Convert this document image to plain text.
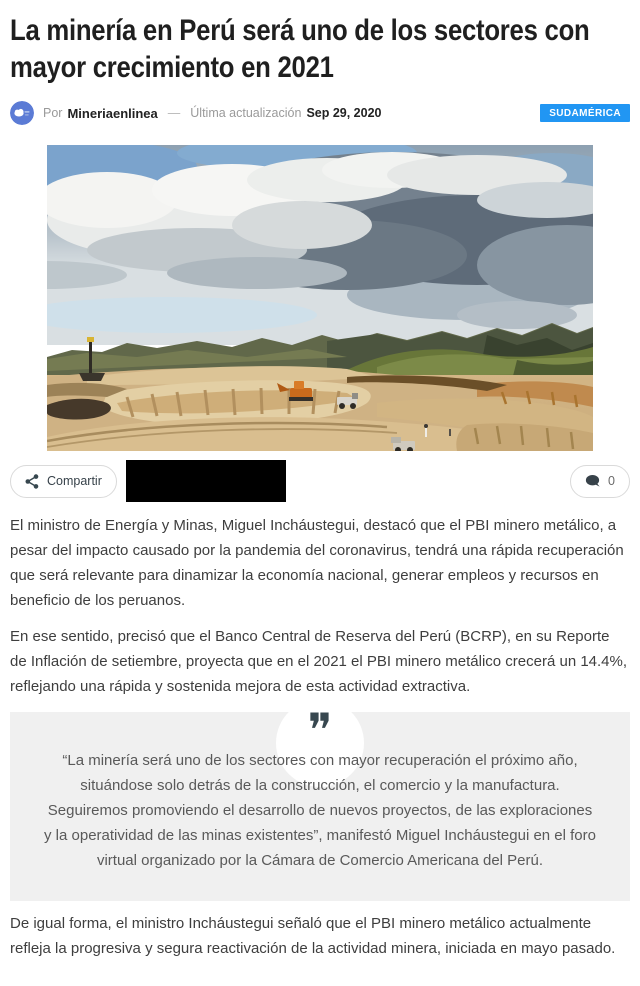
La minería en Perú será uno de los sectores con mayor crecimiento en 2021
Por Mineriaenlinea — Última actualización Sep 29, 2020	SUDAMÉRICA
Compartir	0

El ministro de Energía y Minas, Miguel Incháustegui, destacó que el PBI minero metálico, a pesar del impacto causado por la pandemia del coronavirus, tendrá una rápida recuperación que será relevante para dinamizar la economía nacional, generar empleos y recursos en beneficio de los peruanos.

En ese sentido, precisó que el Banco Central de Reserva del Perú (BCRP), en su Reporte de Inflación de setiembre, proyecta que en el 2021 el PBI minero metálico crecerá un 14.4%, reflejando una rápida y sostenida mejora de esta actividad extractiva.

❞

“La minería será uno de los sectores con mayor recuperación el próximo año, situándose solo detrás de la construcción, el comercio y la manufactura. Seguiremos promoviendo el desarrollo de nuevos proyectos, de las exploraciones y la operatividad de las minas existentes”, manifestó Miguel Incháustegui en el foro virtual organizado por la Cámara de Comercio Americana del Perú.

De igual forma, el ministro Incháustegui señaló que el PBI minero metálico actualmente refleja la progresiva y segura reactivación de la actividad minera, iniciada en mayo pasado.
